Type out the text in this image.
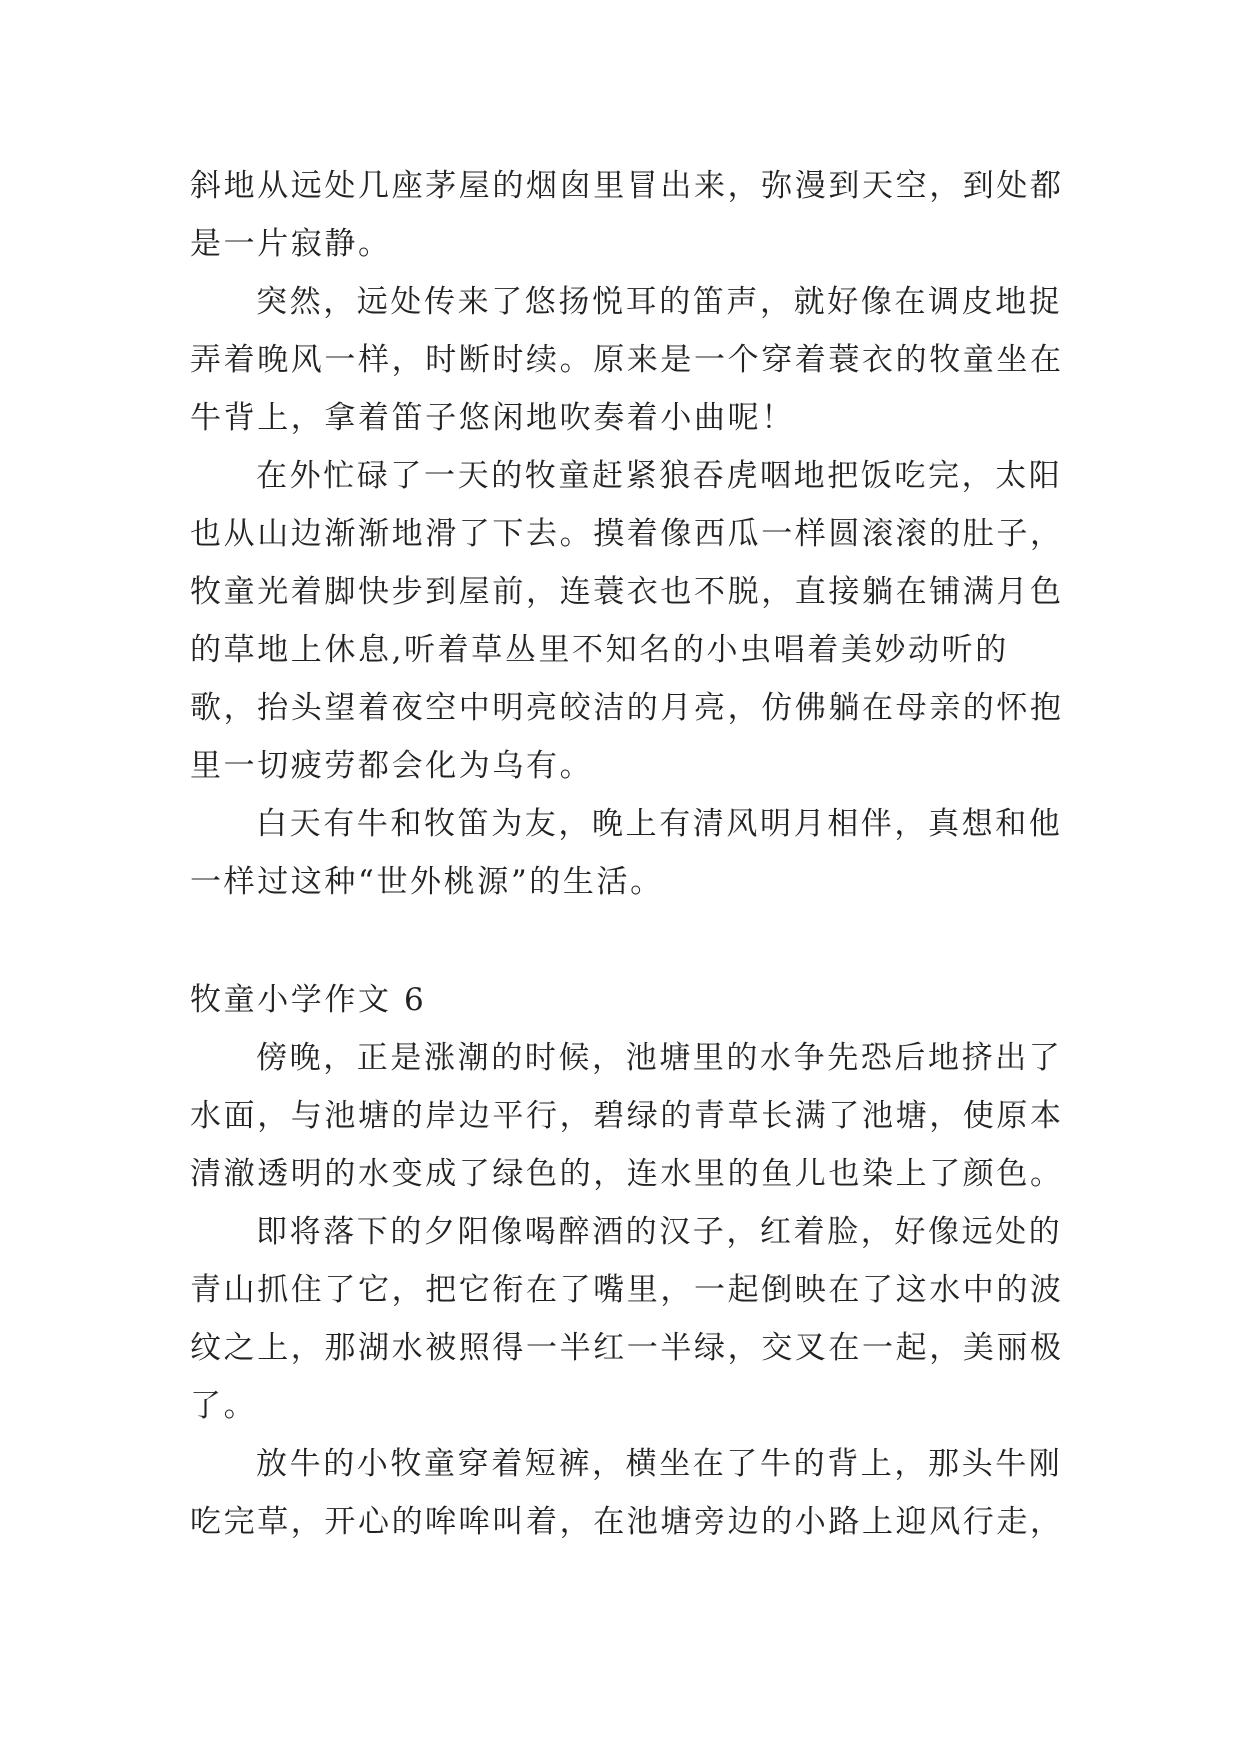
斜地从远处几座茅屋的烟囱里冒出来，弥漫到天空，到处都是一片寂静。

突然，远处传来了悠扬悦耳的笛声，就好像在调皮地捉弄着晚风一样，时断时续。原来是一个穿着蓑衣的牧童坐在牛背上，拿着笛子悠闲地吹奏着小曲呢！

在外忙碌了一天的牧童赶紧狼吞虎咽地把饭吃完，太阳也从山边渐渐地滑了下去。摸着像西瓜一样圆滚滚的肚子，牧童光着脚快步到屋前，连蓑衣也不脱，直接躺在铺满月色的草地上休息,听着草丛里不知名的小虫唱着美妙动听的歌，抬头望着夜空中明亮皎洁的月亮，仿佛躺在母亲的怀抱里一切疲劳都会化为乌有。

白天有牛和牧笛为友，晚上有清风明月相伴，真想和他一样过这种“世外桃源”的生活。

牧童小学作文 6

傍晚，正是涨潮的时候，池塘里的水争先恐后地挤出了水面，与池塘的岸边平行，碧绿的青草长满了池塘，使原本清澈透明的水变成了绿色的，连水里的鱼儿也染上了颜色。

即将落下的夕阳像喝醉酒的汉子，红着脸，好像远处的青山抓住了它，把它衔在了嘴里，一起倒映在了这水中的波纹之上，那湖水被照得一半红一半绿，交叉在一起，美丽极了。

放牛的小牧童穿着短裤，横坐在了牛的背上，那头牛刚吃完草，开心的哞哞叫着，在池塘旁边的小路上迎风行走，
